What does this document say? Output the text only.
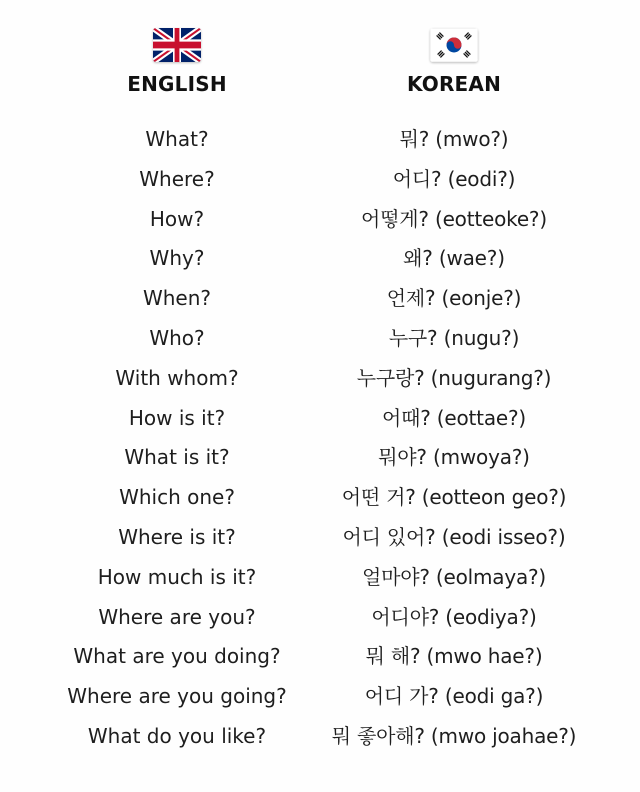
ENGLISH
What?
Where?
How?
Why?
When?
Who?
With whom?
How is it?
What is it?
Which one?
Where is it?
How much is it?
Where are you?
What are you doing?
Where are you going?
What do you like?
KOREAN
뭐? (mwo?)
어디? (eodi?)
어떻게? (eotteoke?)
왜? (wae?)
언제? (eonje?)
누구? (nugu?)
누구랑? (nugurang?)
어때? (eottae?)
뭐야? (mwoya?)
어떤 거? (eotteon geo?)
어디 있어? (eodi isseo?)
얼마야? (eolmaya?)
어디야? (eodiya?)
뭐 해? (mwo hae?)
어디 가? (eodi ga?)
뭐 좋아해? (mwo joahae?)
